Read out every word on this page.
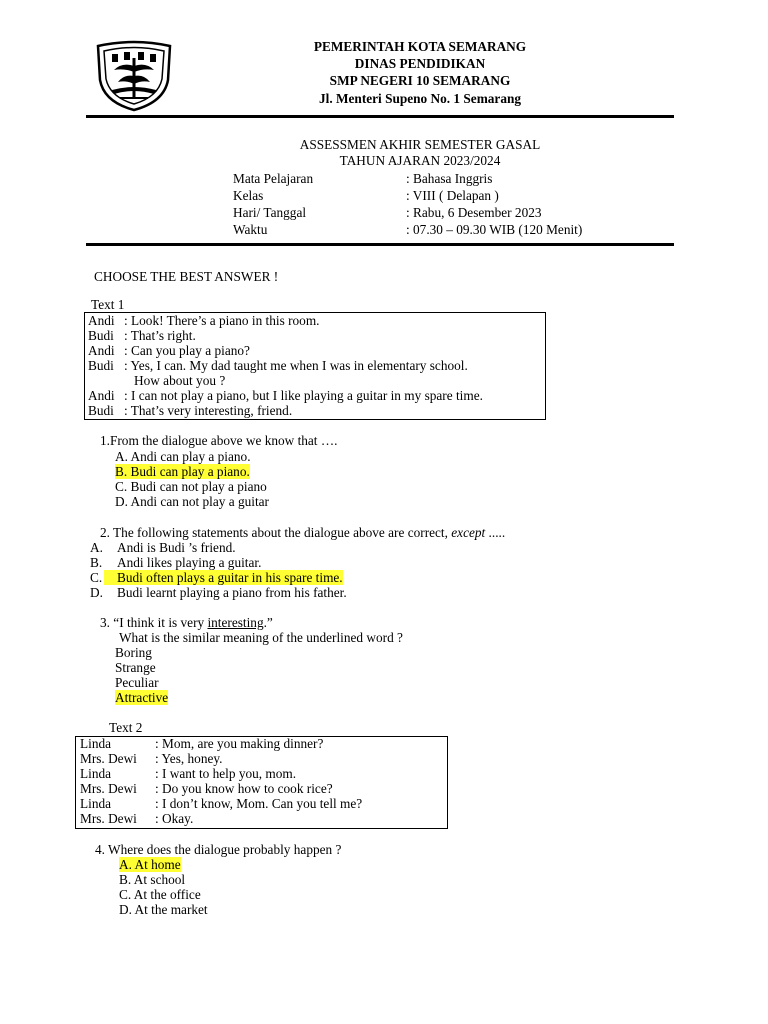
PEMERINTAH KOTA SEMARANG
DINAS PENDIDIKAN
SMP NEGERI 10 SEMARANG
Jl. Menteri Supeno No. 1 Semarang
ASSESSMEN AKHIR SEMESTER GASAL
TAHUN AJARAN 2023/2024
Mata Pelajaran	: Bahasa Inggris
Kelas	: VIII ( Delapan )
Hari/ Tanggal	: Rabu, 6 Desember 2023
Waktu	: 07.30 – 09.30 WIB (120 Menit)
CHOOSE THE BEST ANSWER !
Text 1
Andi : Look! There’s a piano in this room.
Budi : That’s right.
Andi : Can you play a piano?
Budi : Yes, I can. My dad taught me when I was in elementary school.
How about you ?
Andi : I can not play a piano, but I like playing a guitar in my spare time.
Budi : That’s very interesting, friend.
1.From the dialogue above we know that ….
A. Andi can play a piano.
B. Budi can play a piano.
C. Budi can not play a piano
D. Andi can not play a guitar
2. The following statements about the dialogue above are correct, except .....
A. Andi is Budi ’s friend.
B. Andi likes playing a guitar.
C.	Budi often plays a guitar in his spare time.
D. Budi learnt playing a piano from his father.
3. “I think it is very interesting.”
What is the similar meaning of the underlined word ?
Boring
Strange
Peculiar
Attractive
Text 2
Linda	: Mom, are you making dinner?
Mrs. Dewi : Yes, honey.
Linda	: I want to help you, mom.
Mrs. Dewi : Do you know how to cook rice?
Linda	: I don’t know, Mom. Can you tell me?
Mrs. Dewi : Okay.
4. Where does the dialogue probably happen ?
A. At home
B. At school
C. At the office
D. At the market
